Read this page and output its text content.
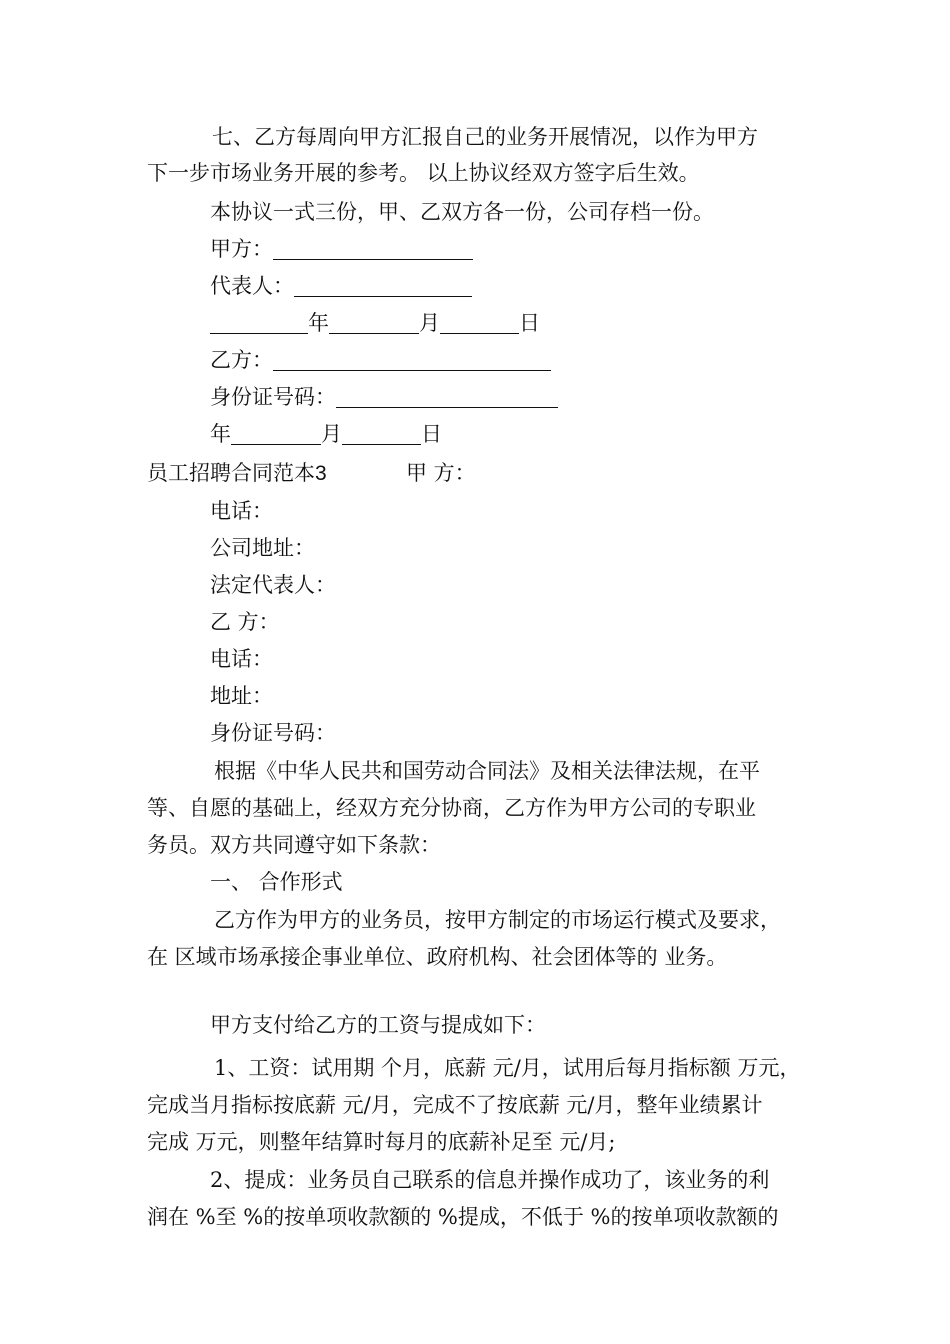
七、乙方每周向甲方汇报自己的业务开展情况，以作为甲方
下一步市场业务开展的参考。 以上协议经双方签字后生效。
本协议一式三份，甲、乙双方各一份，公司存档一份。
甲方：
代表人：
年	月	日
乙方：
身份证号码：
年	月	日
员工招聘合同范本3	甲 方：
电话：
公司地址：
法定代表人：
乙 方：
电话：
地址：
身份证号码：
根据《中华人民共和国劳动合同法》及相关法律法规，在平
等、自愿的基础上，经双方充分协商，乙方作为甲方公司的专职业
务员。双方共同遵守如下条款：
一、 合作形式
乙方作为甲方的业务员，按甲方制定的市场运行模式及要求，
在 区域市场承接企事业单位、政府机构、社会团体等的 业务。
甲方支付给乙方的工资与提成如下：
1、工资：试用期 个月，底薪 元/月，试用后每月指标额 万元，
完成当月指标按底薪 元/月，完成不了按底薪 元/月，整年业绩累计
完成 万元，则整年结算时每月的底薪补足至 元/月;
2、提成：业务员自己联系的信息并操作成功了，该业务的利
润在 %至 %的按单项收款额的 %提成，不低于 %的按单项收款额的
